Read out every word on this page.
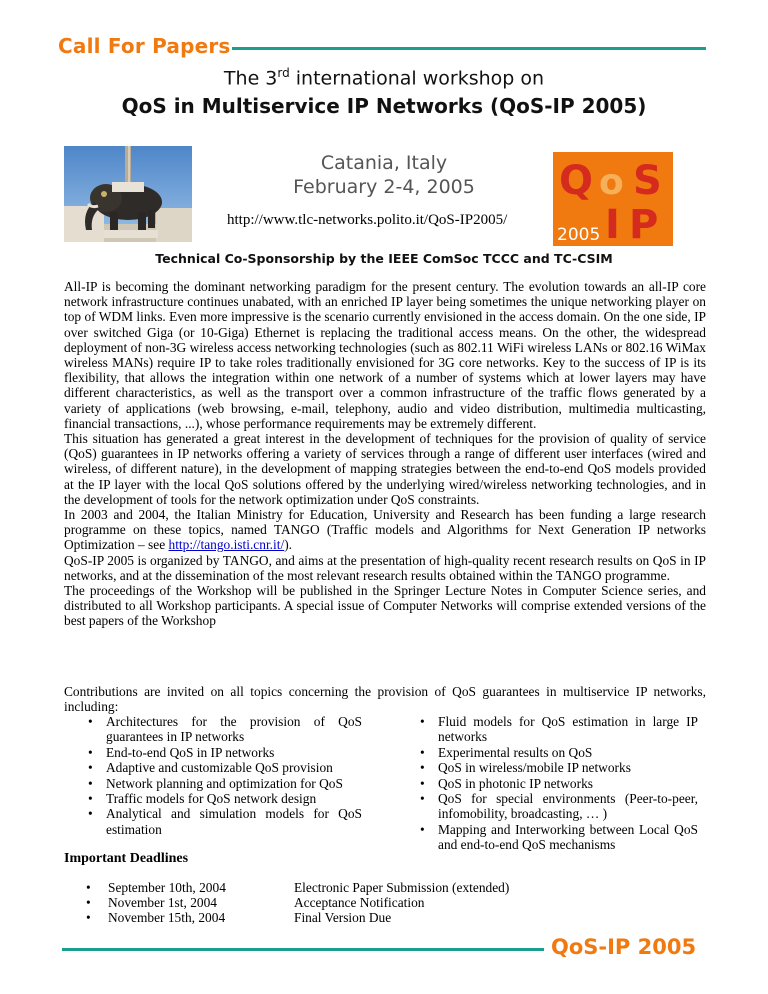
Call For Papers
The 3rd international workshop on
QoS in Multiservice IP Networks (QoS-IP 2005)
Q o S
I P
2005
Catania, Italy
February 2-4, 2005
http://www.tlc-networks.polito.it/QoS-IP2005/
Technical Co-Sponsorship by the IEEE ComSoc TCCC and TC-CSIM

All-IP is becoming the dominant networking paradigm for the present century. The evolution towards an all-IP core network infrastructure continues unabated, with an enriched IP layer being sometimes the unique networking player on top of WDM links. Even more impressive is the scenario currently envisioned in the access domain. On the one side, IP over switched Giga (or 10-Giga) Ethernet is replacing the traditional access means. On the other, the widespread deployment of non-3G wireless access networking technologies (such as 802.11 WiFi wireless LANs or 802.16 WiMax wireless MANs) require IP to take roles traditionally envisioned for 3G core networks. Key to the success of IP is its flexibility, that allows the integration within one network of a number of systems which at lower layers may have different characteristics, as well as the transport over a common infrastructure of the traffic flows generated by a variety of applications (web browsing, e-mail, telephony, audio and video distribution, multimedia multicasting, financial transactions, ...), whose performance requirements may be extremely different.

This situation has generated a great interest in the development of techniques for the provision of quality of service (QoS) guarantees in IP networks offering a variety of services through a range of different user interfaces (wired and wireless, of different nature), in the development of mapping strategies between the end-to-end QoS models provided at the IP layer with the local QoS solutions offered by the underlying wired/wireless networking technologies, and in the development of tools for the network optimization under QoS constraints.

In 2003 and 2004, the Italian Ministry for Education, University and Research has been funding a large research programme on these topics, named TANGO (Traffic models and Algorithms for Next Generation IP networks Optimization – see http://tango.isti.cnr.it/).

QoS-IP 2005 is organized by TANGO, and aims at the presentation of high-quality recent research results on QoS in IP networks, and at the dissemination of the most relevant research results obtained within the TANGO programme.

The proceedings of the Workshop will be published in the Springer Lecture Notes in Computer Science series, and distributed to all Workshop participants. A special issue of Computer Networks will comprise extended versions of the best papers of the Workshop

Contributions are invited on all topics concerning the provision of QoS guarantees in multiservice IP networks, including:

• Architectures for the provision of QoS guarantees in IP networks
• End-to-end QoS in IP networks
• Adaptive and customizable QoS provision
• Network planning and optimization for QoS
• Traffic models for QoS network design
• Analytical and simulation models for QoS estimation
• Fluid models for QoS estimation in large IP networks
• Experimental results on QoS
• QoS in wireless/mobile IP networks
• QoS in photonic IP networks
• QoS for special environments (Peer-to-peer, infomobility, broadcasting, … )
• Mapping and Interworking between Local QoS and end-to-end QoS mechanisms
Important Deadlines
• September 10th, 2004	Electronic Paper Submission (extended)
• November 1st, 2004	Acceptance Notification
• November 15th, 2004	Final Version Due
QoS-IP 2005
